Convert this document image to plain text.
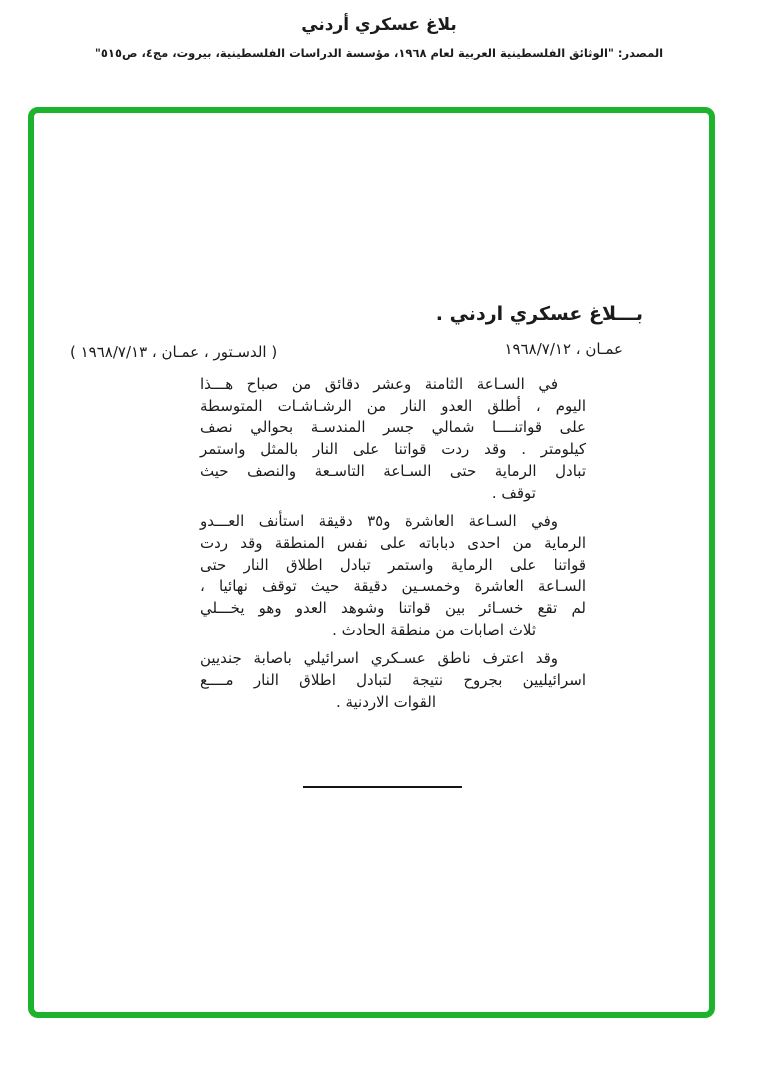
بلاغ عسكري أردني
المصدر: "الوثائق الفلسطينية العربية لعام ١٩٦٨، مؤسسة الدراسات الفلسطينية، بيروت، مج٤، ص٥١٥"
بـــلاغ عسكري اردني .
عمـان ، ١٩٦٨/٧/١٢
( الدسـتور ، عمـان ، ١٩٦٨/٧/١٣ )
في السـاعة الثامنة وعشر دقائق من صباح هـــذا
اليوم ، أطلق العدو النار من الرشـاشـات المتوسطة
على قواتنــــا شمالي جسر المندسـة بحوالي نصف
كيلومتر . وقد ردت قواتنا على النار بالمثل واستمر
تبادل الرماية حتى السـاعة التاسـعة والنصف حيث
توقف .
وفي السـاعة العاشرة و٣٥ دقيقة استأنف العـــدو
الرماية من احدى دباباته على نفس المنطقة وقد ردت
قواتنا على الرماية واستمر تبادل اطلاق النار حتى
السـاعة العاشرة وخمسـين دقيقة حيث توقف نهائيا ،
لم تقع خسـائر بين قواتنا وشوهد العدو وهو يخـــلي
ثلاث اصابات من منطقة الحادث .
وقد اعترف ناطق عسـكري اسرائيلي باصابة جنديين
اسرائيليين بجروح نتيجة لتبادل اطلاق النار مــــع
القوات الاردنية .
